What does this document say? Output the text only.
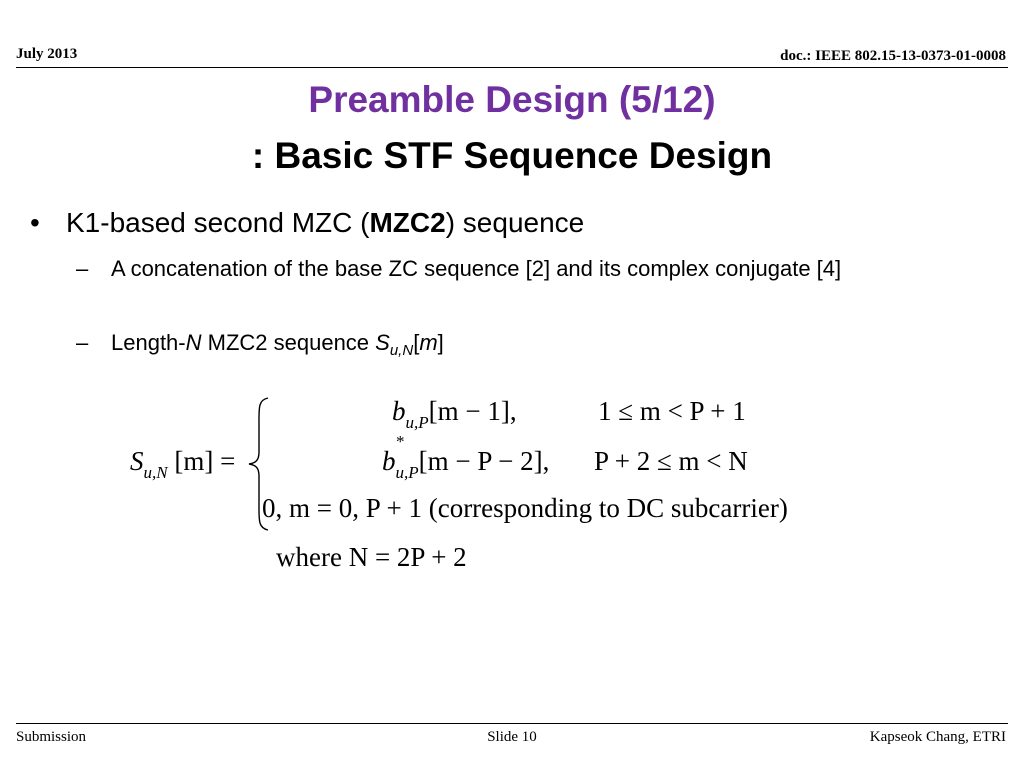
July 2013	doc.: IEEE 802.15-13-0373-01-0008
Preamble Design (5/12)
: Basic STF Sequence Design
• K1-based second MZC (MZC2) sequence
– A concatenation of the base ZC sequence [2] and its complex conjugate [4]
– Length-N MZC2 sequence $S_{u,N}[m]$
$S_{u,N}$ [m] =
$b_{u,P}[m - 1]$,	1 ≤ m < P + 1
b
*
$_{u,P}$[m − P − 2], P + 2 ≤ m < N
0, m = 0, P + 1 (corresponding to DC subcarrier)
where N = 2P + 2
Submission	Slide 10	Kapseok Chang, ETRI
